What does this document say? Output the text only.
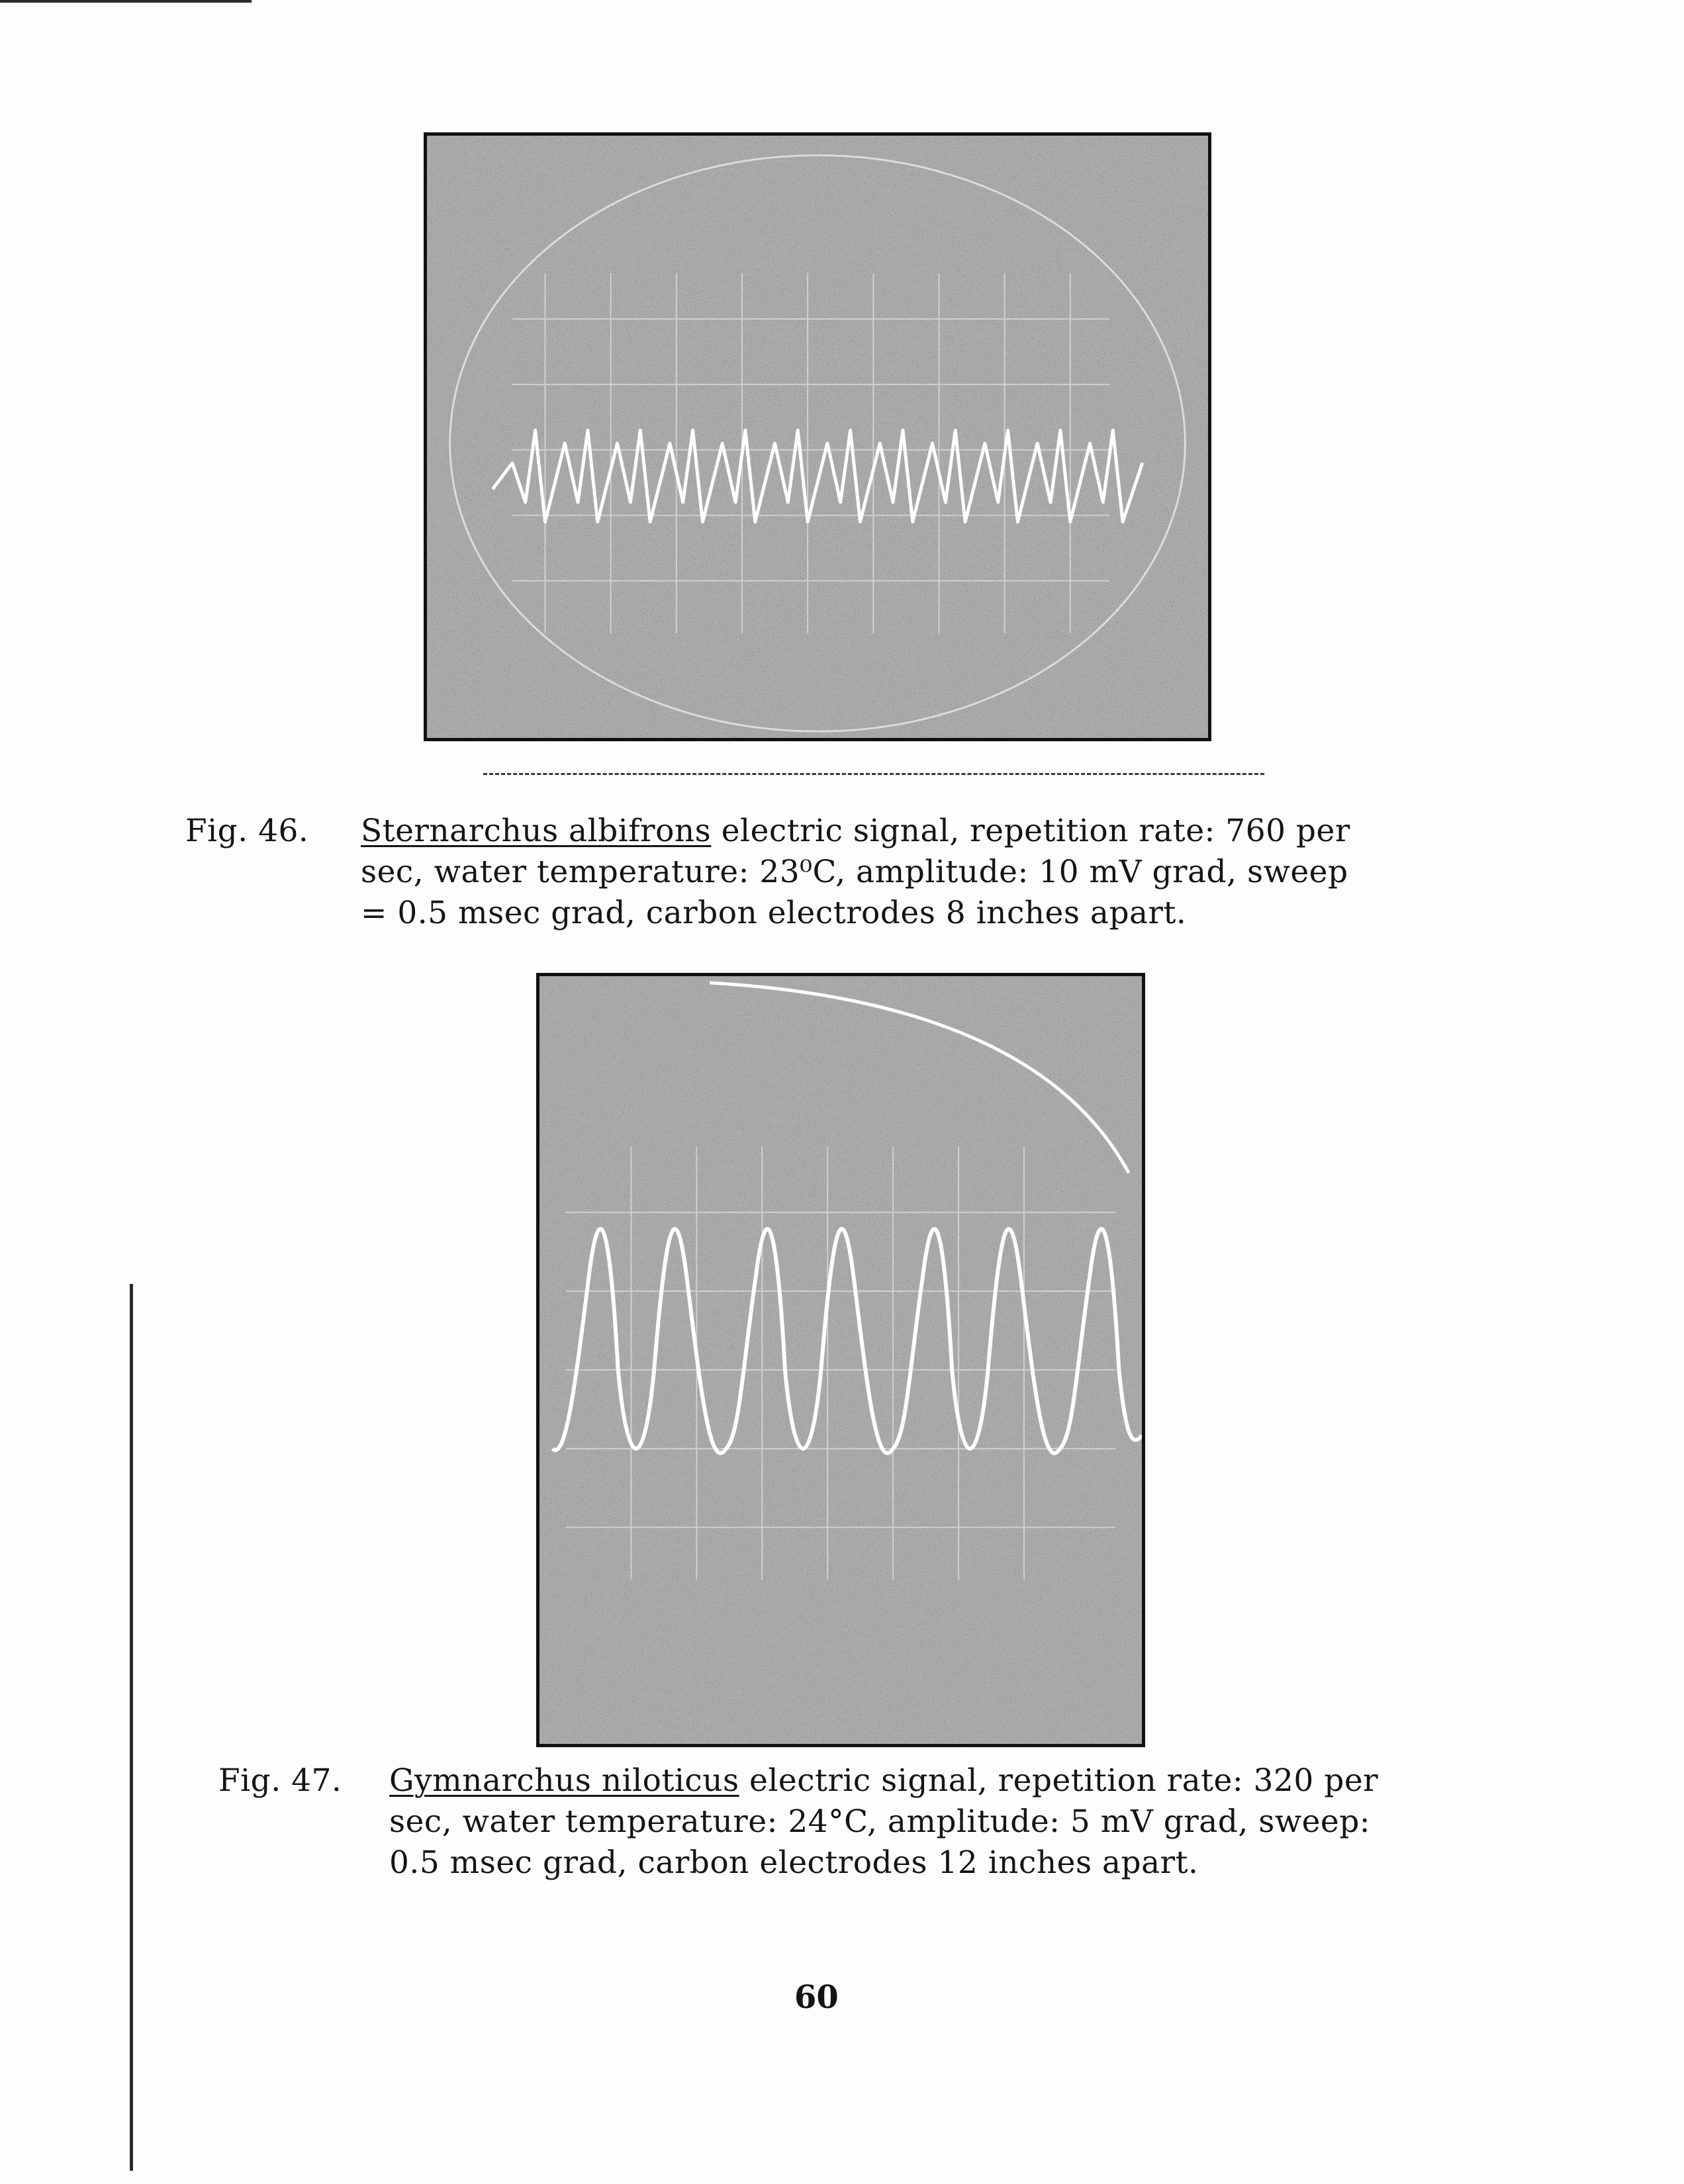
Fig. 46. Sternarchus albifrons electric signal, repetition rate: 760 per
sec, water temperature: 23⁰C, amplitude: 10 mV grad, sweep
= 0.5 msec grad, carbon electrodes 8 inches apart.
Fig. 47. Gymnarchus niloticus electric signal, repetition rate: 320 per
sec, water temperature: 24°C, amplitude: 5 mV grad, sweep:
0.5 msec grad, carbon electrodes 12 inches apart.
60
